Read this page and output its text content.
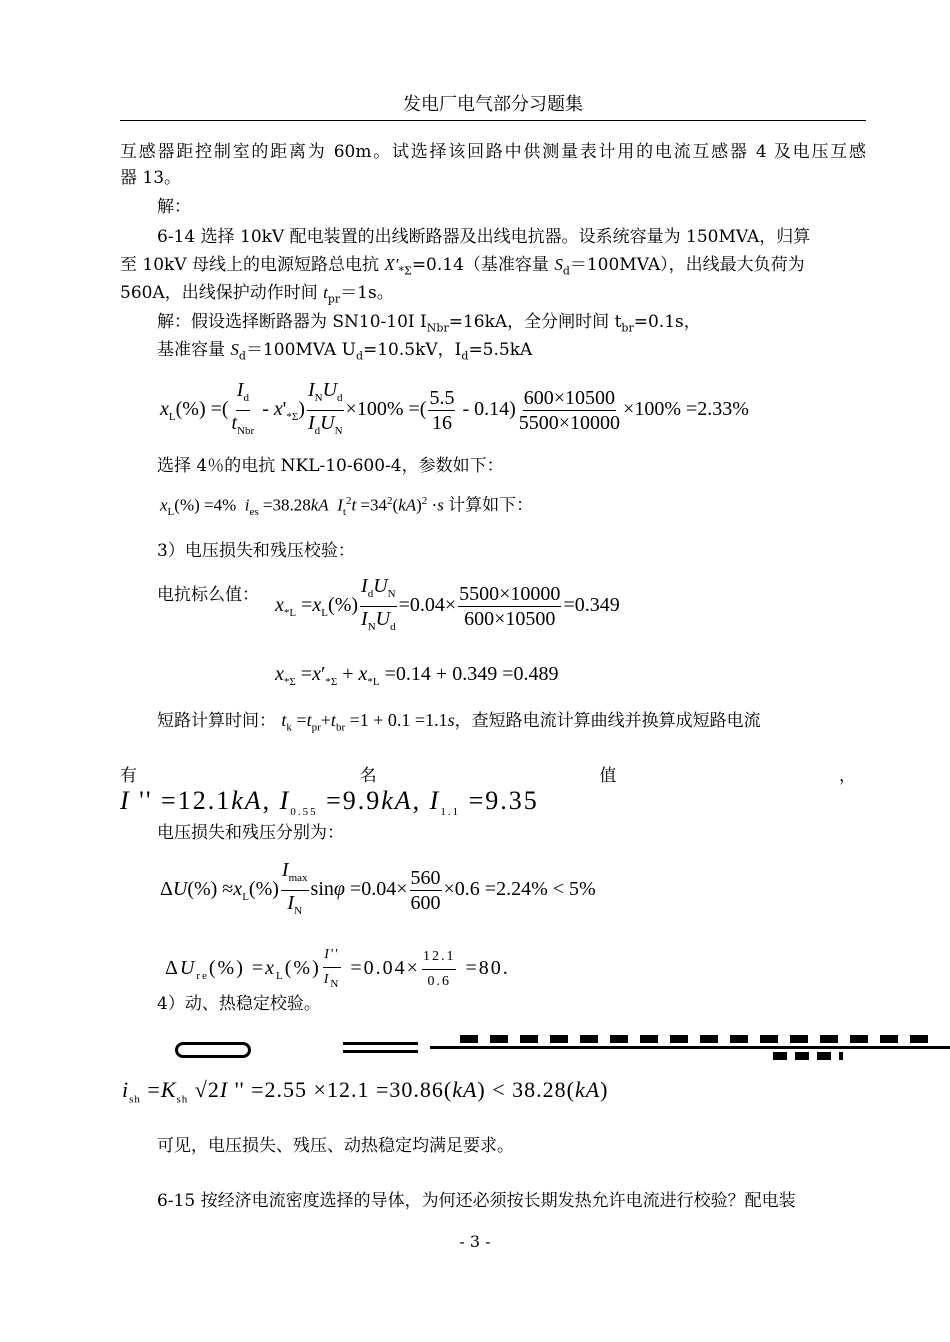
发电厂电气部分习题集
互感器距控制室的距离为 60m。试选择该回路中供测量表计用的电流互感器 4 及电压互感
器 13。
解：
6-14 选择 10kV 配电装置的出线断路器及出线电抗器。设系统容量为 150MVA，归算
至 10kV 母线上的电源短路总电抗 $X'_{*\Sigma}=0.14$（基准容量 $S_d=100MVA$），出线最大负荷为
560A，出线保护动作时间 $t_{pr}=1s$。
解：假设选择断路器为 SN10-10I $I_{Nbr}=16kA$，全分闸时间 $t_{br}=0.1s$，
基准容量 $S_d=100MVA$ $U_d=10.5kV$，$I_d=5.5kA$
$x_L(\%)$ =( $\frac{I_d}{t_{Nbr}} - x'_{*\Sigma}) \frac{I_NU_d}{I_dU_N} \times 100\%$ =( $\frac{5.5}{16} - 0.14) \frac{600\times 10500}{5500\times 10000} \times 100\% =2.33\%$
选择 4％的电抗 NKL-10-600-4，参数如下：
$x_L(\%) =4\%$  $i_{es} =38.28kA$ $I_t^2t =34^2(kA)^2 \cdot s$ 计算如下：
3）电压损失和残压校验：
电抗标么值： $x_{*L} =x_L(\%) \frac{I_dU_N}{I_NU_d} =0.04\times \frac{5500\times 10000}{600\times 10500} =0.349$
$x_{*\Sigma} =x'_{*\Sigma} + x_{*L} =0.14 + 0.349 =0.489$
短路计算时间： $t_k =t_{pr}+t_{br} =1 + 0.1 =1.1s$，查短路电流计算曲线并换算成短路电流
有	名	值	，
I '' =12.1kA, $I_{0.55} =9.9kA$, $I_{1.1} =9.35$
电压损失和残压分别为：
$\Delta U(\%) \approx x_L(\%) \frac{I_{max}}{I_N}$ $\sin\varphi =0.04\times \frac{560}{600} \times 0.6 =2.24\% < 5\%$
$\Delta U_{re}(\%) =x_L(\%) \frac{I''}{I_N} =0.04\times \frac{12.1}{0.6} =80$.
4）动、热稳定校验。
$i_{sh} =K_{sh}$ √2I '' =2.55 ×12.1 =30.86(kA) < 38.28(kA)
可见，电压损失、残压、动热稳定均满足要求。
6-15 按经济电流密度选择的导体，为何还必须按长期发热允许电流进行校验？配电装
- 3 -
